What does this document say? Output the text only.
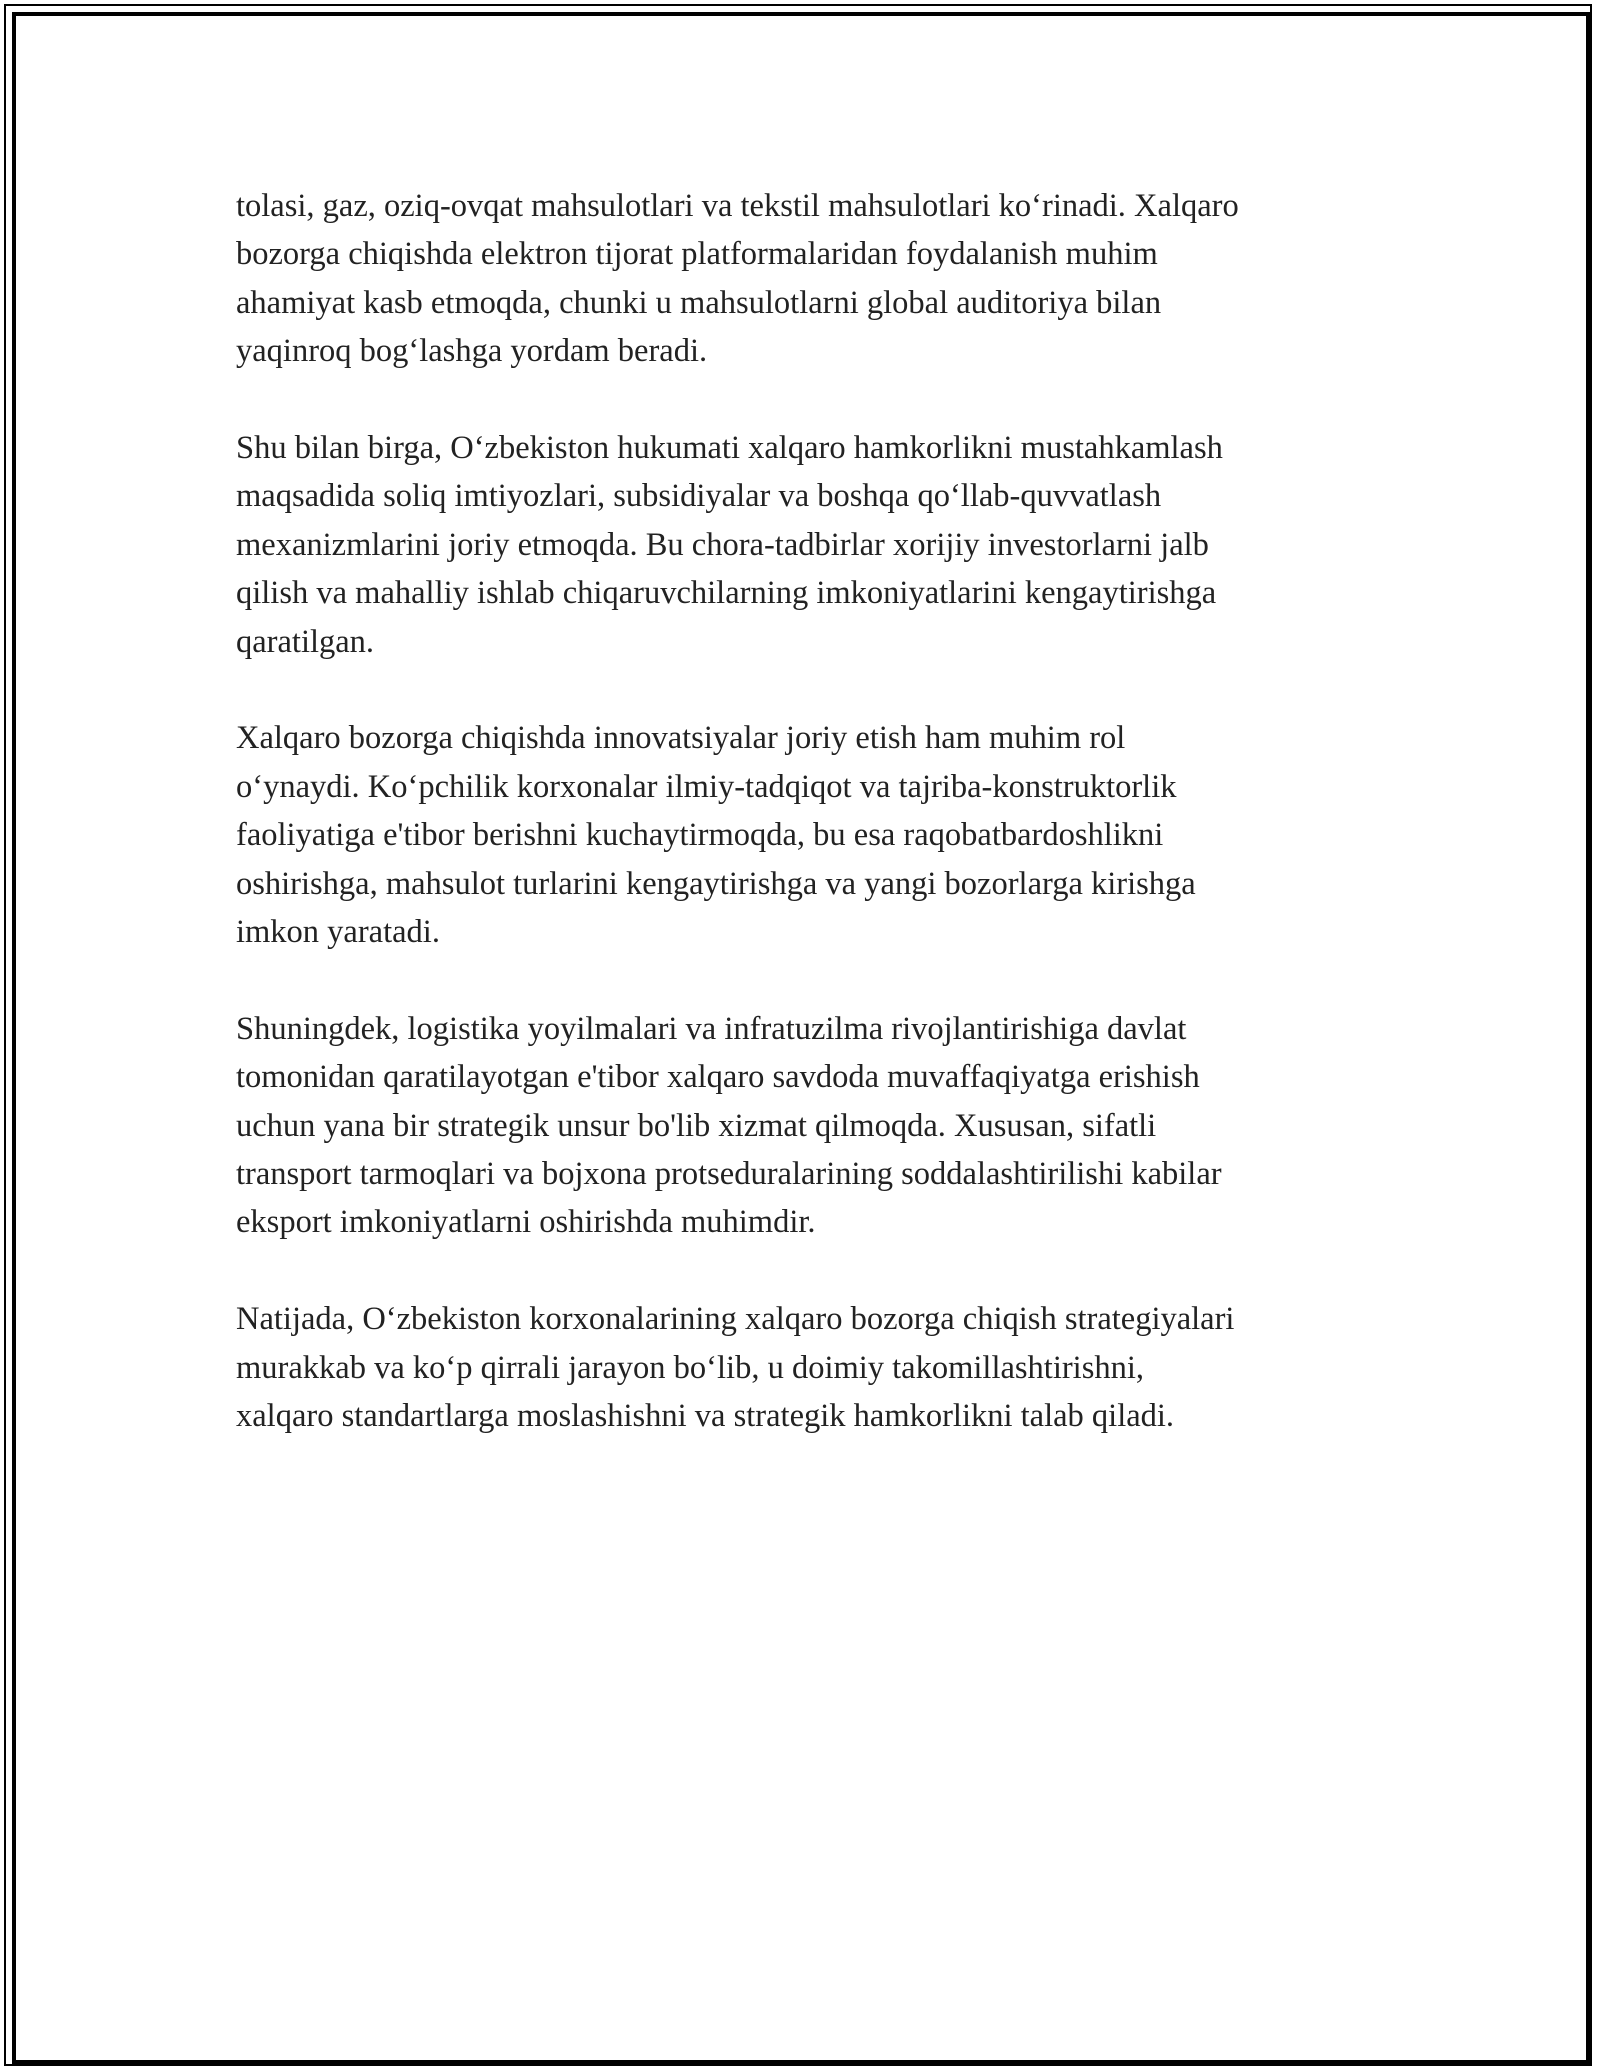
tolasi, gaz, oziq-ovqat mahsulotlari va tekstil mahsulotlari ko‘rinadi. Xalqaro
bozorga chiqishda elektron tijorat platformalaridan foydalanish muhim
ahamiyat kasb etmoqda, chunki u mahsulotlarni global auditoriya bilan
yaqinroq bog‘lashga yordam beradi.

Shu bilan birga, O‘zbekiston hukumati xalqaro hamkorlikni mustahkamlash
maqsadida soliq imtiyozlari, subsidiyalar va boshqa qo‘llab-quvvatlash
mexanizmlarini joriy etmoqda. Bu chora-tadbirlar xorijiy investorlarni jalb
qilish va mahalliy ishlab chiqaruvchilarning imkoniyatlarini kengaytirishga
qaratilgan.

Xalqaro bozorga chiqishda innovatsiyalar joriy etish ham muhim rol
o‘ynaydi. Ko‘pchilik korxonalar ilmiy-tadqiqot va tajriba-konstruktorlik
faoliyatiga e'tibor berishni kuchaytirmoqda, bu esa raqobatbardoshlikni
oshirishga, mahsulot turlarini kengaytirishga va yangi bozorlarga kirishga
imkon yaratadi.

Shuningdek, logistika yoyilmalari va infratuzilma rivojlantirishiga davlat
tomonidan qaratilayotgan e'tibor xalqaro savdoda muvaffaqiyatga erishish
uchun yana bir strategik unsur bo'lib xizmat qilmoqda. Xususan, sifatli
transport tarmoqlari va bojxona protseduralarining soddalashtirilishi kabilar
eksport imkoniyatlarni oshirishda muhimdir.

Natijada, O‘zbekiston korxonalarining xalqaro bozorga chiqish strategiyalari
murakkab va ko‘p qirrali jarayon bo‘lib, u doimiy takomillashtirishni,
xalqaro standartlarga moslashishni va strategik hamkorlikni talab qiladi.
